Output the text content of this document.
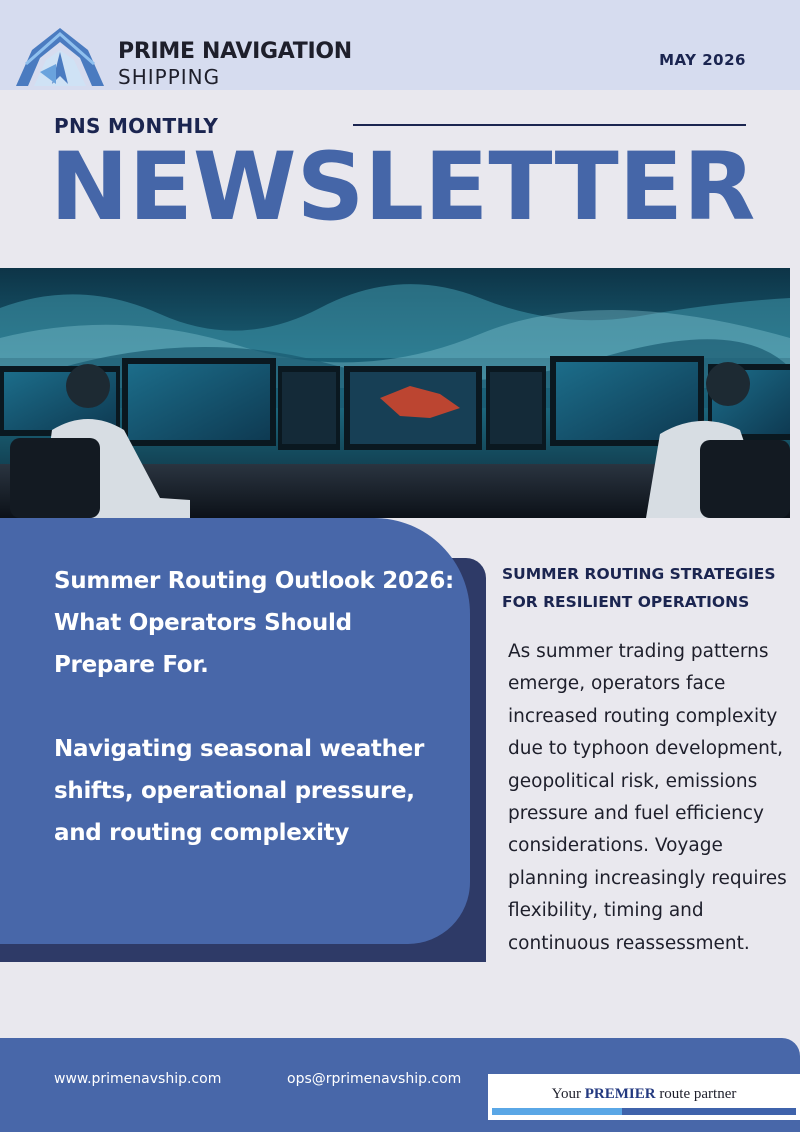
PRIME NAVIGATION
SHIPPING
MAY 2026
PNS MONTHLY
NEWSLETTER
Summer Routing Outlook 2026: What Operators Should Prepare For.
Navigating seasonal weather shifts, operational pressure, and routing complexity
SUMMER ROUTING STRATEGIES FOR RESILIENT OPERATIONS
As summer trading patterns emerge, operators face increased routing complexity due to typhoon development, geopolitical risk, emissions pressure and fuel efficiency considerations. Voyage planning increasingly requires flexibility, timing and continuous reassessment.
www.primenavship.com	ops@rprimenavship.com
Your PREMIER route partner
